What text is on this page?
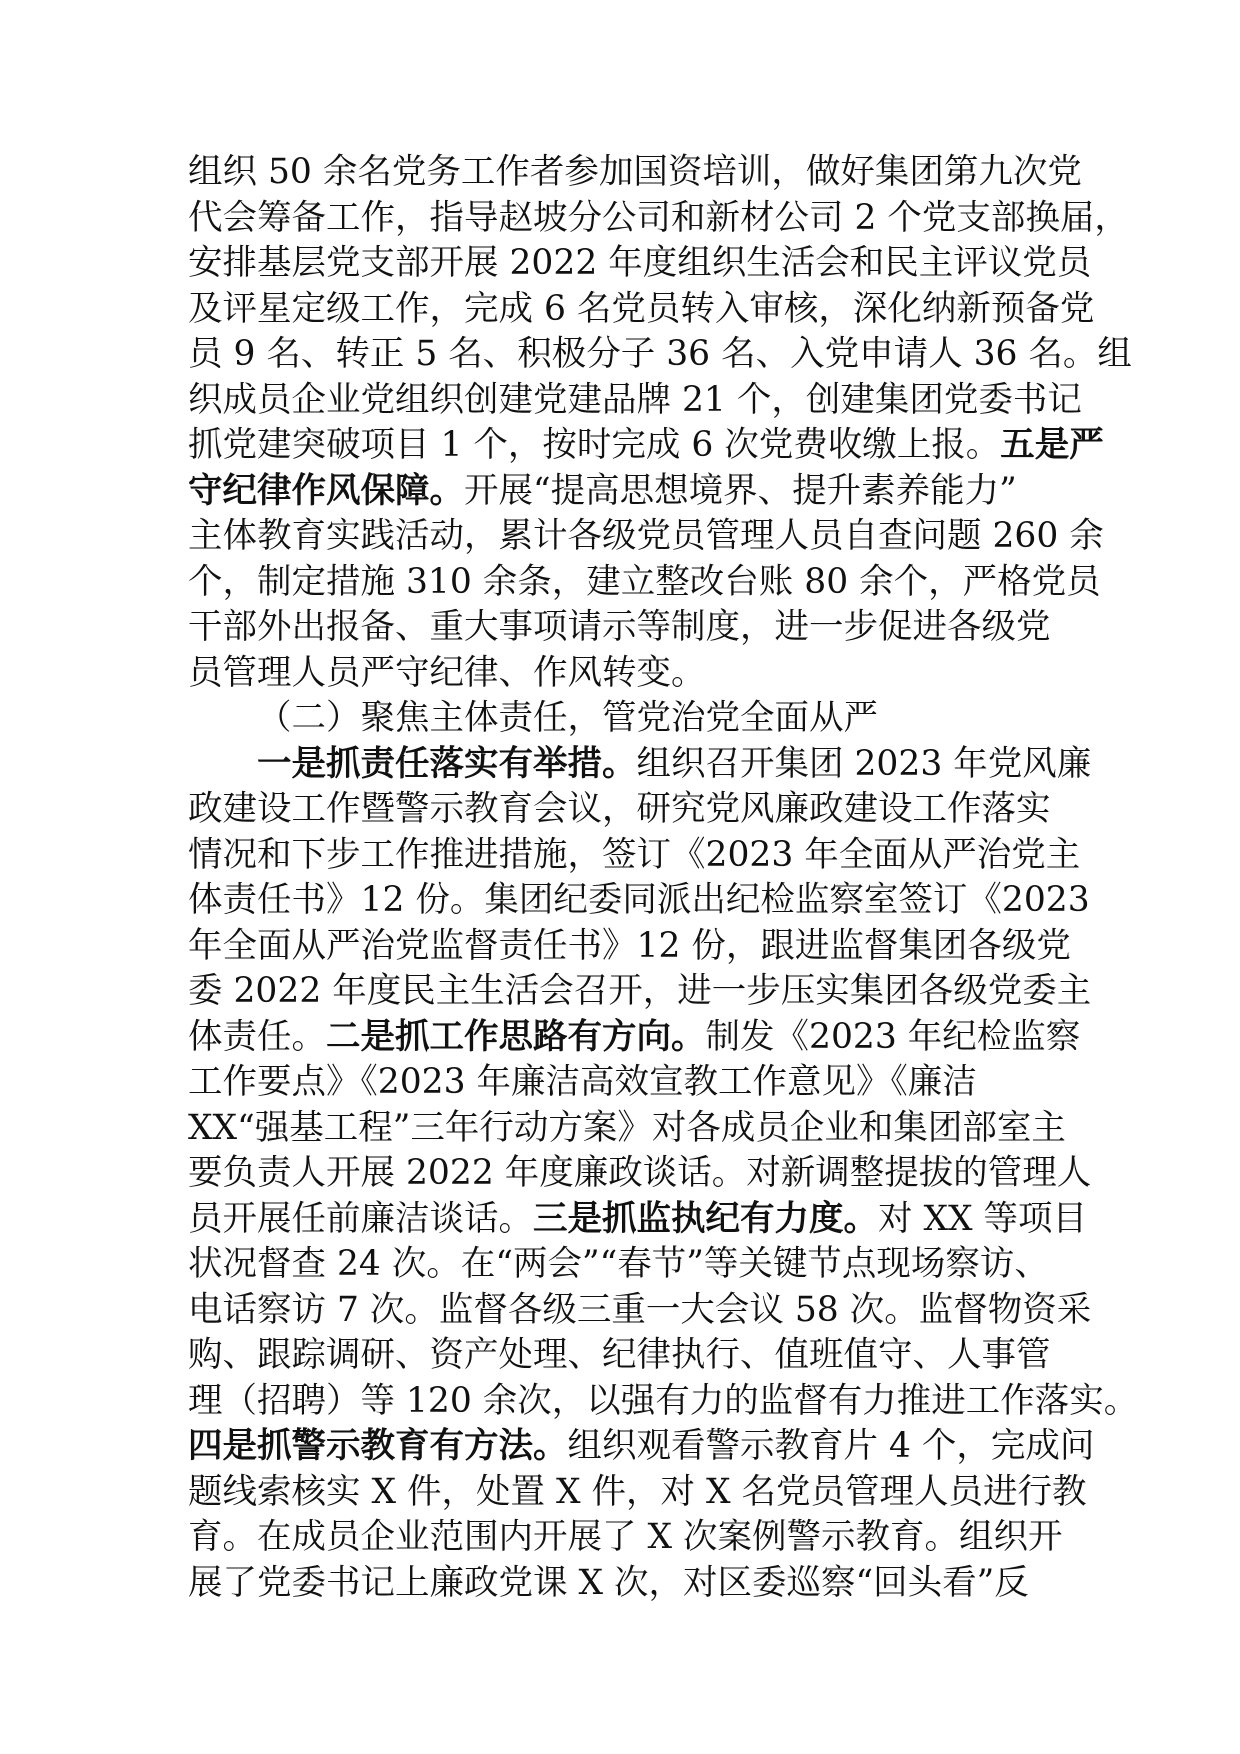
组织 50 余名党务工作者参加国资培训，做好集团第九次党
代会筹备工作，指导赵坡分公司和新材公司 2 个党支部换届，
安排基层党支部开展 2022 年度组织生活会和民主评议党员
及评星定级工作，完成 6 名党员转入审核，深化纳新预备党
员 9 名、转正 5 名、积极分子 36 名、入党申请人 36 名。组
织成员企业党组织创建党建品牌 21 个，创建集团党委书记
抓党建突破项目 1 个，按时完成 6 次党费收缴上报。五是严
守纪律作风保障。开展“提高思想境界、提升素养能力”
主体教育实践活动，累计各级党员管理人员自查问题 260 余
个，制定措施 310 余条，建立整改台账 80 余个，严格党员
干部外出报备、重大事项请示等制度，进一步促进各级党
员管理人员严守纪律、作风转变。
（二）聚焦主体责任，管党治党全面从严
一是抓责任落实有举措。组织召开集团 2023 年党风廉
政建设工作暨警示教育会议，研究党风廉政建设工作落实
情况和下步工作推进措施，签订《2023 年全面从严治党主
体责任书》12 份。集团纪委同派出纪检监察室签订《2023
年全面从严治党监督责任书》12 份，跟进监督集团各级党
委 2022 年度民主生活会召开，进一步压实集团各级党委主
体责任。二是抓工作思路有方向。制发《2023 年纪检监察
工作要点》《2023 年廉洁高效宣教工作意见》《廉洁
XX“强基工程”三年行动方案》对各成员企业和集团部室主
要负责人开展 2022 年度廉政谈话。对新调整提拔的管理人
员开展任前廉洁谈话。三是抓监执纪有力度。对 XX 等项目
状况督查 24 次。在“两会”“春节”等关键节点现场察访、
电话察访 7 次。监督各级三重一大会议 58 次。监督物资采
购、跟踪调研、资产处理、纪律执行、值班值守、人事管
理（招聘）等 120 余次，以强有力的监督有力推进工作落实。
四是抓警示教育有方法。组织观看警示教育片 4 个，完成问
题线索核实 X 件，处置 X 件，对 X 名党员管理人员进行教
育。在成员企业范围内开展了 X 次案例警示教育。组织开
展了党委书记上廉政党课 X 次，对区委巡察“回头看”反
